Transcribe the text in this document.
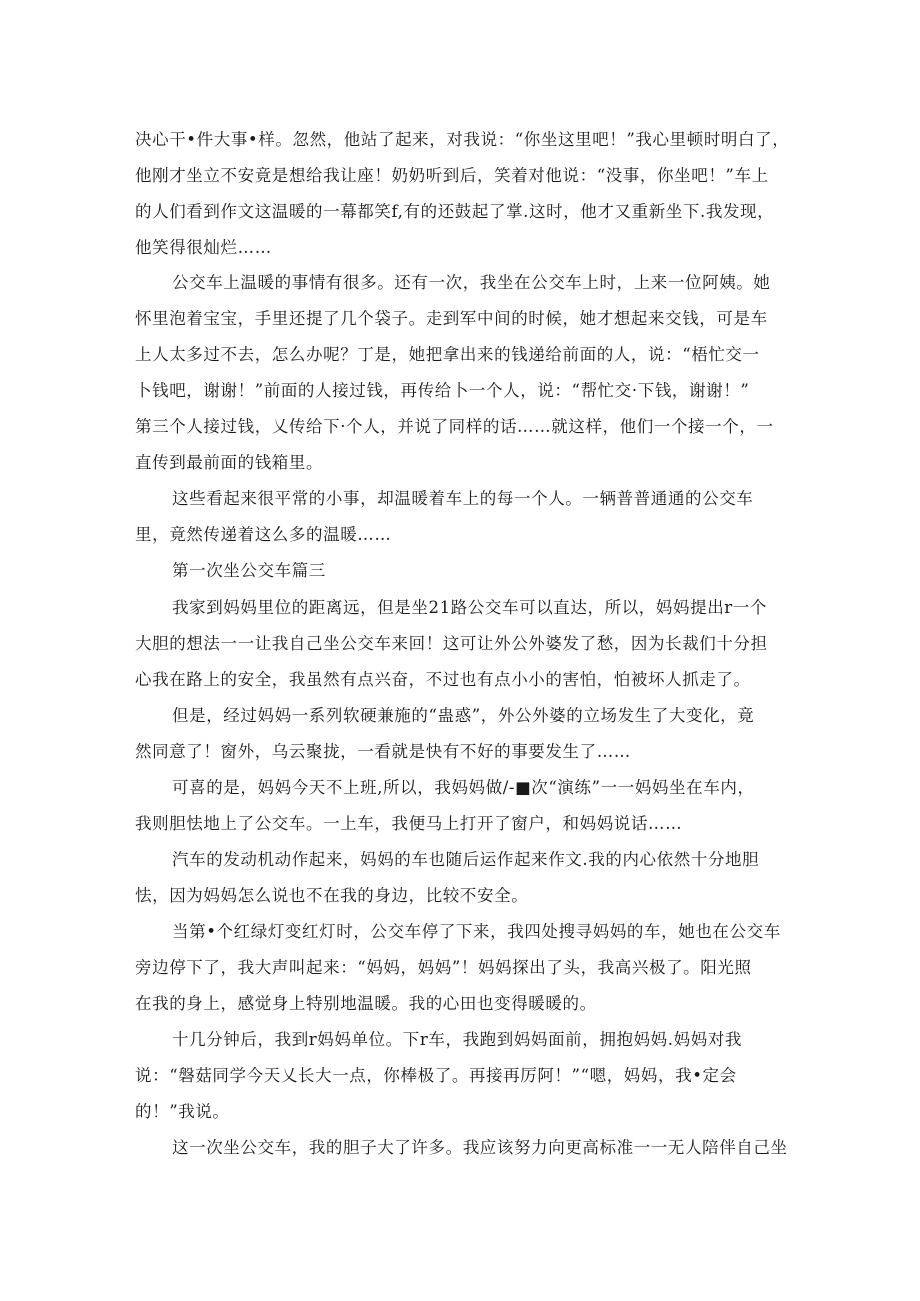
决心干•件大事•样。忽然，他站了起来，对我说：“你坐这里吧！”我心里顿时明白了，
他刚才坐立不安竟是想给我让座！奶奶听到后，笑着对他说：“没事，你坐吧！”车上
的人们看到作文这温暖的一幕都笑f,有的还鼓起了掌.这时，他才又重新坐下.我发现，
他笑得很灿烂……
公交车上温暖的事情有很多。还有一次，我坐在公交车上时，上来一位阿姨。她
怀里泡着宝宝，手里还提了几个袋子。走到军中间的时候，她才想起来交钱，可是车
上人太多过不去，怎么办呢？丁是，她把拿出来的钱递给前面的人，说：“梧忙交一
卜钱吧，谢谢！”前面的人接过钱，再传给卜一个人，说：“帮忙交·下钱，谢谢！”
第三个人接过钱，乂传给下·个人，并说了同样的话……就这样，他们一个接一个，一
直传到最前面的钱箱里。
这些看起来很平常的小事，却温暖着车上的每一个人。一辆普普通通的公交车
里，竟然传递着这么多的温暖……
第一次坐公交车篇三
我家到妈妈里位的距离远，但是坐21路公交车可以直达，所以，妈妈提出r一个
大胆的想法一一让我自己坐公交车来回！这可让外公外婆发了愁，因为长裁们十分担
心我在路上的安全，我虽然有点兴奋，不过也有点小小的害怕，怕被坏人抓走了。
但是，经过妈妈一系列软硬兼施的“蛊惑”，外公外婆的立场发生了大变化，竟
然同意了！窗外，乌云聚拢，一看就是快有不好的事要发生了……
可喜的是，妈妈今天不上班,所以，我妈妈做/-■次“演练”一一妈妈坐在车内，
我则胆怯地上了公交车。一上车，我便马上打开了窗户，和妈妈说话……
汽车的发动机动作起来，妈妈的车也随后运作起来作文.我的内心依然十分地胆
怯，因为妈妈怎么说也不在我的身边，比较不安全。
当第•个红绿灯变红灯时，公交车停了下来，我四处搜寻妈妈的车，她也在公交车
旁边停下了，我大声叫起来：“妈妈，妈妈”！妈妈探出了头，我高兴极了。阳光照
在我的身上，感觉身上特别地温暖。我的心田也变得暖暖的。
十几分钟后，我到r妈妈单位。下r车，我跑到妈妈面前，拥抱妈妈.妈妈对我
说：“磐菇同学今天乂长大一点，你棒极了。再接再厉阿！”“嗯，妈妈，我•定会
的！”我说。
这一次坐公交车，我的胆子大了许多。我应该努力向更高标准一一无人陪伴自己坐
